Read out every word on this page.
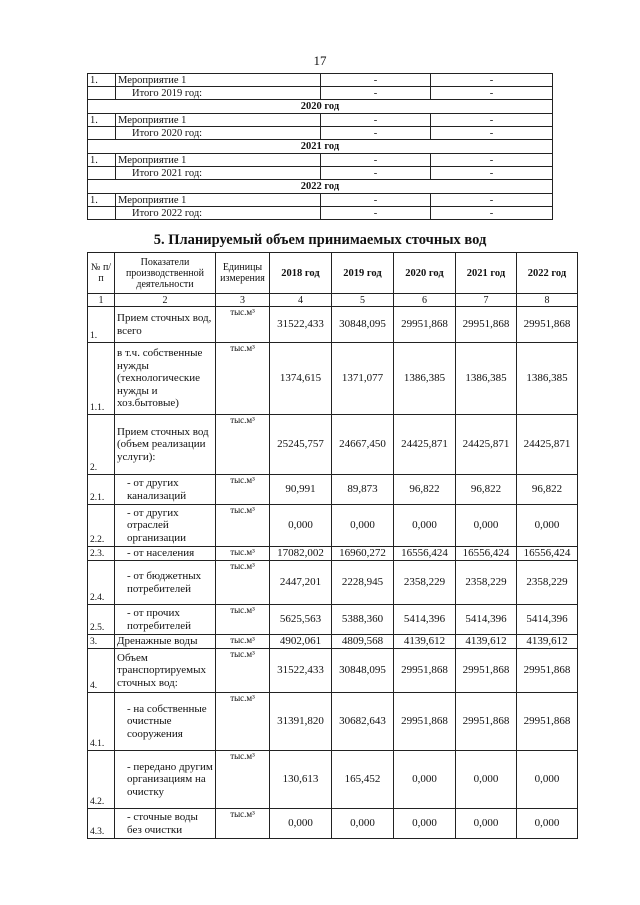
17
1.	Мероприятие 1	-	-
	Итого 2019 год:	-	-
2020 год			
1.	Мероприятие 1	-	-
	Итого 2020 год:	-	-
2021 год			
1.	Мероприятие 1	-	-
	Итого 2021 год:	-	-
2022 год			
1.	Мероприятие 1	-	-
	Итого 2022 год:	-	-
5. Планируемый объем принимаемых сточных вод
№ п/п	Показатели производственной деятельности	Единицы измерения	2018 год	2019 год	2020 год	2021 год	2022 год
1	2	3	4	5	6	7	8
1.	Прием сточных вод, всего	тыс.м³	31522,433	30848,095	29951,868	29951,868	29951,868
1.1.	в т.ч. собственные нужды (технологические нужды и хоз.бытовые)	тыс.м³	1374,615	1371,077	1386,385	1386,385	1386,385
2.	Прием сточных вод (объем реализации услуги):	тыс.м³	25245,757	24667,450	24425,871	24425,871	24425,871
2.1.	- от других канализаций	тыс.м³	90,991	89,873	96,822	96,822	96,822
2.2.	- от других отраслей организации	тыс.м³	0,000	0,000	0,000	0,000	0,000
2.3.	- от населения	тыс.м³	17082,002	16960,272	16556,424	16556,424	16556,424
2.4.	- от бюджетных потребителей	тыс.м³	2447,201	2228,945	2358,229	2358,229	2358,229
2.5.	- от прочих потребителей	тыс.м³	5625,563	5388,360	5414,396	5414,396	5414,396
3.	Дренажные воды	тыс.м³	4902,061	4809,568	4139,612	4139,612	4139,612
4.	Объем транспортируемых сточных вод:	тыс.м³	31522,433	30848,095	29951,868	29951,868	29951,868
4.1.	- на собственные очистные сооружения	тыс.м³	31391,820	30682,643	29951,868	29951,868	29951,868
4.2.	- передано другим организациям на очистку	тыс.м³	130,613	165,452	0,000	0,000	0,000
4.3.	- сточные воды без очистки	тыс.м³	0,000	0,000	0,000	0,000	0,000
